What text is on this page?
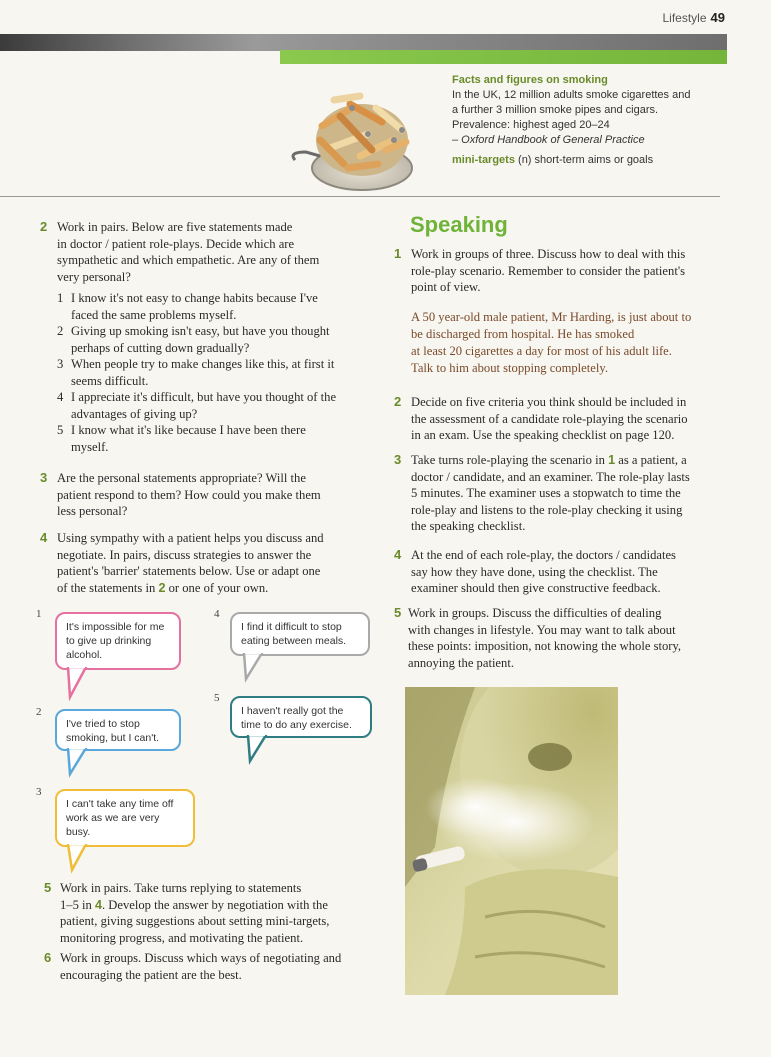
Lifestyle 49

Facts and figures on smoking

In the UK, 12 million adults smoke cigarettes and

a further 3 million smoke pipes and cigars.

Prevalence: highest aged 20–24

– Oxford Handbook of General Practice

mini-targets (n) short-term aims or goals

2 Work in pairs. Below are five statements made
in doctor / patient role-plays. Decide which are
sympathetic and which empathetic. Are any of them
very personal?
1 I know it's not easy to change habits because I've
faced the same problems myself.
2 Giving up smoking isn't easy, but have you thought
perhaps of cutting down gradually?
3 When people try to make changes like this, at first it
seems difficult.
4 I appreciate it's difficult, but have you thought of the
advantages of giving up?
5 I know what it's like because I have been there
myself.
3 Are the personal statements appropriate? Will the
patient respond to them? How could you make them
less personal?
4 Using sympathy with a patient helps you discuss and
negotiate. In pairs, discuss strategies to answer the
patient's 'barrier' statements below. Use or adapt one
of the statements in 2 or one of your own.
1
It's impossible for me to give up drinking alcohol.
2
I've tried to stop smoking, but I can't.
3
I can't take any time off work as we are very busy.
4
I find it difficult to stop eating between meals.
5
I haven't really got the time to do any exercise.
5 Work in pairs. Take turns replying to statements
1–5 in 4. Develop the answer by negotiation with the
patient, giving suggestions about setting mini-targets,
monitoring progress, and motivating the patient.
6 Work in groups. Discuss which ways of negotiating and
encouraging the patient are the best.
Speaking
1 Work in groups of three. Discuss how to deal with this
role-play scenario. Remember to consider the patient's
point of view.
A 50 year-old male patient, Mr Harding, is just about to
be discharged from hospital. He has smoked
at least 20 cigarettes a day for most of his adult life.
Talk to him about stopping completely.
2 Decide on five criteria you think should be included in
the assessment of a candidate role-playing the scenario
in an exam. Use the speaking checklist on page 120.
3 Take turns role-playing the scenario in 1 as a patient, a
doctor / candidate, and an examiner. The role-play lasts
5 minutes. The examiner uses a stopwatch to time the
role-play and listens to the role-play checking it using
the speaking checklist.
4 At the end of each role-play, the doctors / candidates
say how they have done, using the checklist. The
examiner should then give constructive feedback.
5 Work in groups. Discuss the difficulties of dealing
with changes in lifestyle. You may want to talk about
these points: imposition, not knowing the whole story,
annoying the patient.
